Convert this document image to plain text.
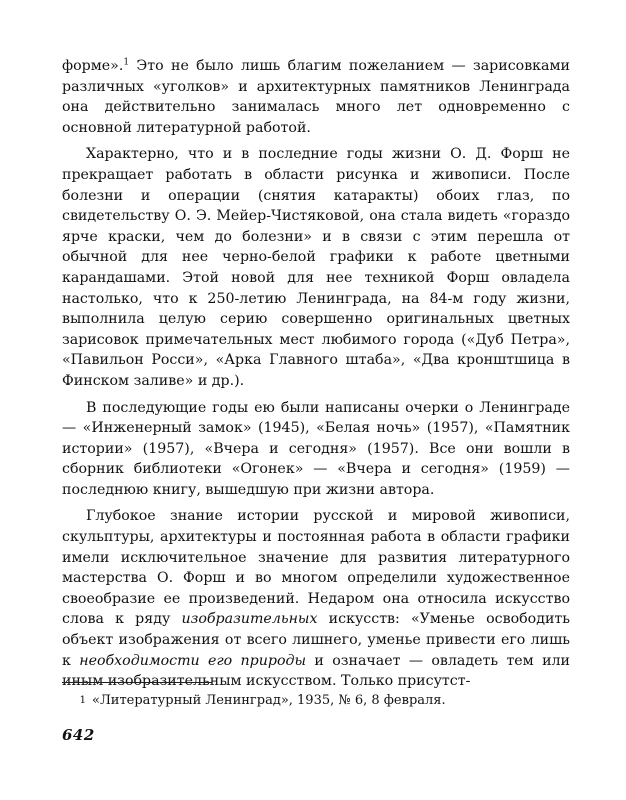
форме».$^1$ Это не было лишь благим пожеланием — зарисовками различных «уголков» и архитектурных памятников Ленинграда она действительно занималась много лет одновременно с основной литературной работой.

Характерно, что и в последние годы жизни О. Д. Форш не прекращает работать в области рисунка и живописи. После болезни и операции (снятия катаракты) обоих глаз, по свидетельству О. Э. Мейер-Чистяковой, она стала видеть «гораздо ярче краски, чем до болезни» и в связи с этим перешла от обычной для нее черно-белой графики к работе цветными карандашами. Этой новой для нее техникой Форш овладела настолько, что к 250-летию Ленинграда, на 84-м году жизни, выполнила целую серию совершенно оригинальных цветных зарисовок примечательных мест любимого города («Дуб Петра», «Павильон Росси», «Арка Главного штаба», «Два кронштшица в Финском заливе» и др.).

В последующие годы ею были написаны очерки о Ленинграде — «Инженерный замок» (1945), «Белая ночь» (1957), «Памятник истории» (1957), «Вчера и сегодня» (1957). Все они вошли в сборник библиотеки «Огонек» — «Вчера и сегодня» (1959) — последнюю книгу, вышедшую при жизни автора.

Глубокое знание истории русской и мировой живописи, скульптуры, архитектуры и постоянная работа в области графики имели исключительное значение для развития литературного мастерства О. Форш и во многом определили художественное своеобразие ее произведений. Недаром она относила искусство слова к ряду изобразительных искусств: «Уменье освободить объект изображения от всего лишнего, уменье привести его лишь к необходимости его природы и означает — овладеть тем или иным изобразительным искусством. Только присутст-

1 «Литературный Ленинград», 1935, № 6, 8 февраля.
642
